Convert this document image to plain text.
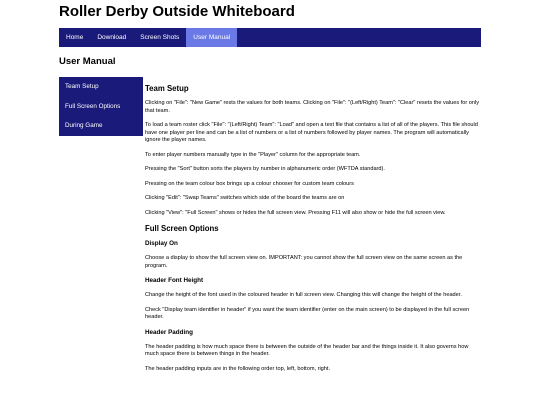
Roller Derby Outside Whiteboard
Home	Download	Screen Shots	User Manual
User Manual
Team Setup
Full Screen Options
During Game
Team Setup

Clicking on "File": "New Game" rests the values for both teams. Clicking on "File": "(Left/Right) Team": "Clear" resets the values for only that team.

To load a team roster click "File": "(Left/Right) Team": "Load" and open a text file that contains a list of all of the players. This file should have one player per line and can be a list of numbers or a list of numbers followed by player names. The program will automatically ignore the player names.

To enter player numbers manually type in the "Player" column for the appropriate team.

Pressing the "Sort" button sorts the players by number in alphanumeric order (WFTDA standard).

Pressing on the team colour box brings up a colour chooser for custom team colours

Clicking "Edit": "Swap Teams" switches which side of the board the teams are on

Clicking "View": "Full Screen" shows or hides the full screen view. Pressing F11 will also show or hide the full screen view.

Full Screen Options
Display On

Choose a display to show the full screen view on. IMPORTANT: you cannot show the full screen view on the same screen as the program.

Header Font Height

Change the height of the font used in the coloured header in full screen view. Changing this will change the height of the header.

Check "Display team identifier in header" if you want the team identifier (enter on the main screen) to be displayed in the full screen header.

Header Padding

The header padding is how much space there is between the outside of the header bar and the things inside it. It also governs how much space there is between things in the header.

The header padding inputs are in the following order top, left, bottom, right.
